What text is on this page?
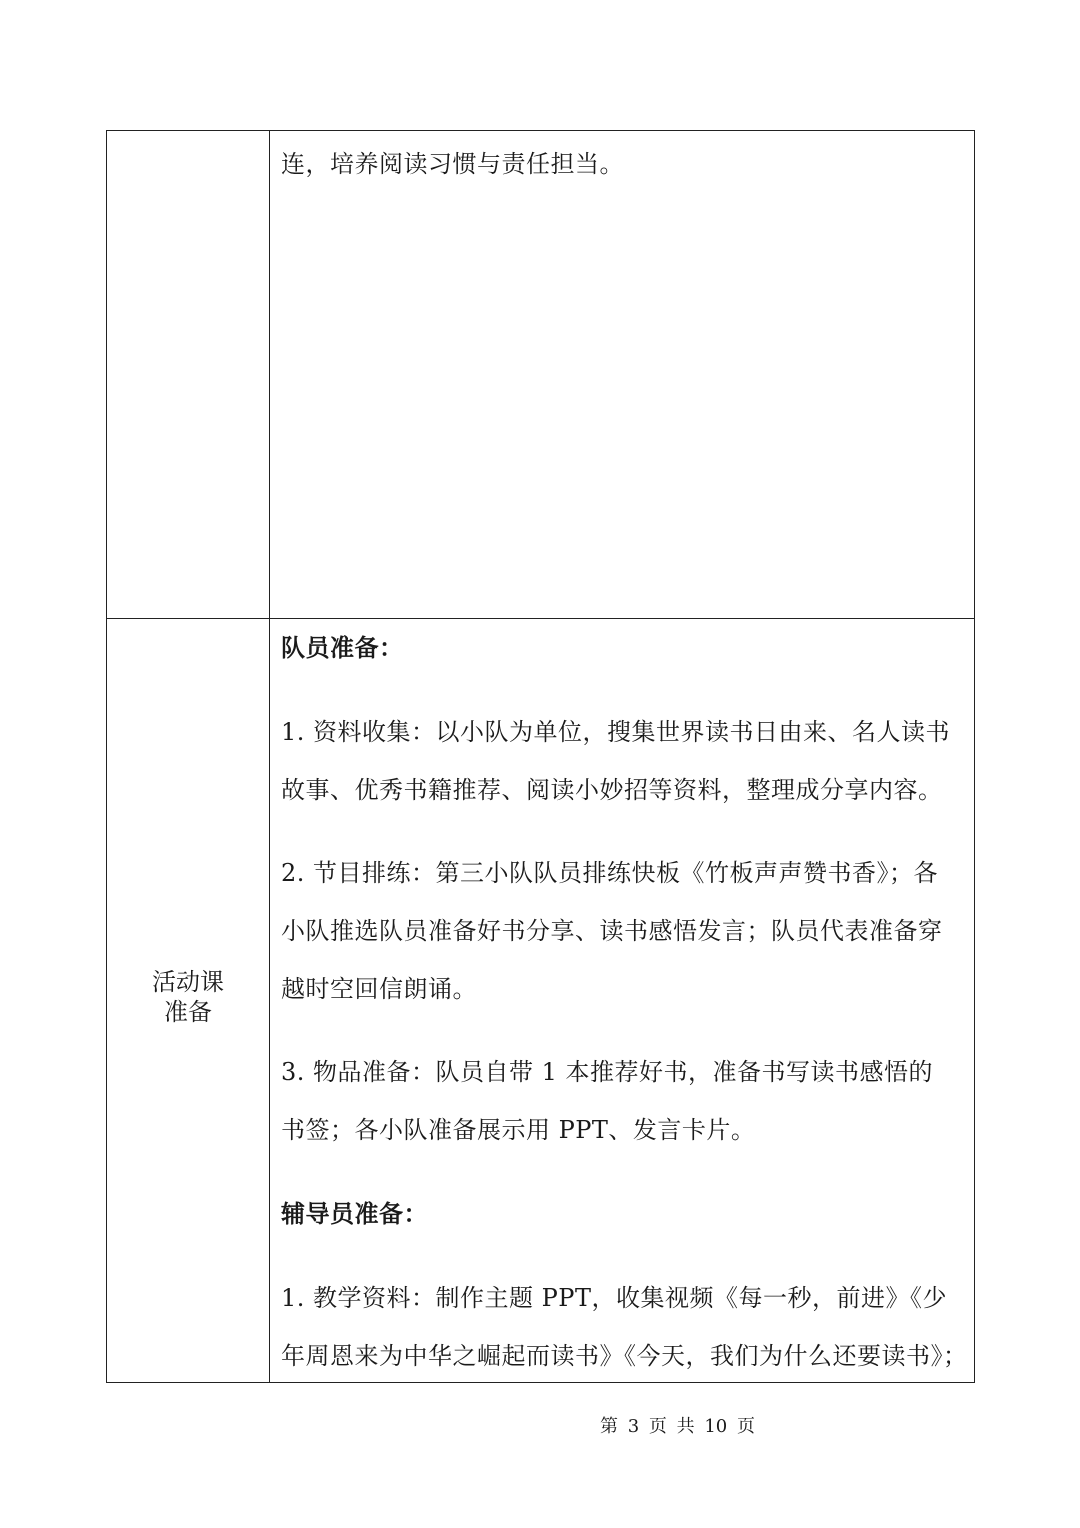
连，培养阅读习惯与责任担当。

活动课
准备

队员准备：

1. 资料收集：以小队为单位，搜集世界读书日由来、名人读书

故事、优秀书籍推荐、阅读小妙招等资料，整理成分享内容。

2. 节目排练：第三小队队员排练快板《竹板声声赞书香》；各

小队推选队员准备好书分享、读书感悟发言；队员代表准备穿

越时空回信朗诵。

3. 物品准备：队员自带 1 本推荐好书，准备书写读书感悟的

书签；各小队准备展示用 PPT、发言卡片。

辅导员准备：

1. 教学资料：制作主题 PPT，收集视频《每一秒，前进》《少

年周恩来为中华之崛起而读书》《今天，我们为什么还要读书》；

第 3 页 共 10 页
